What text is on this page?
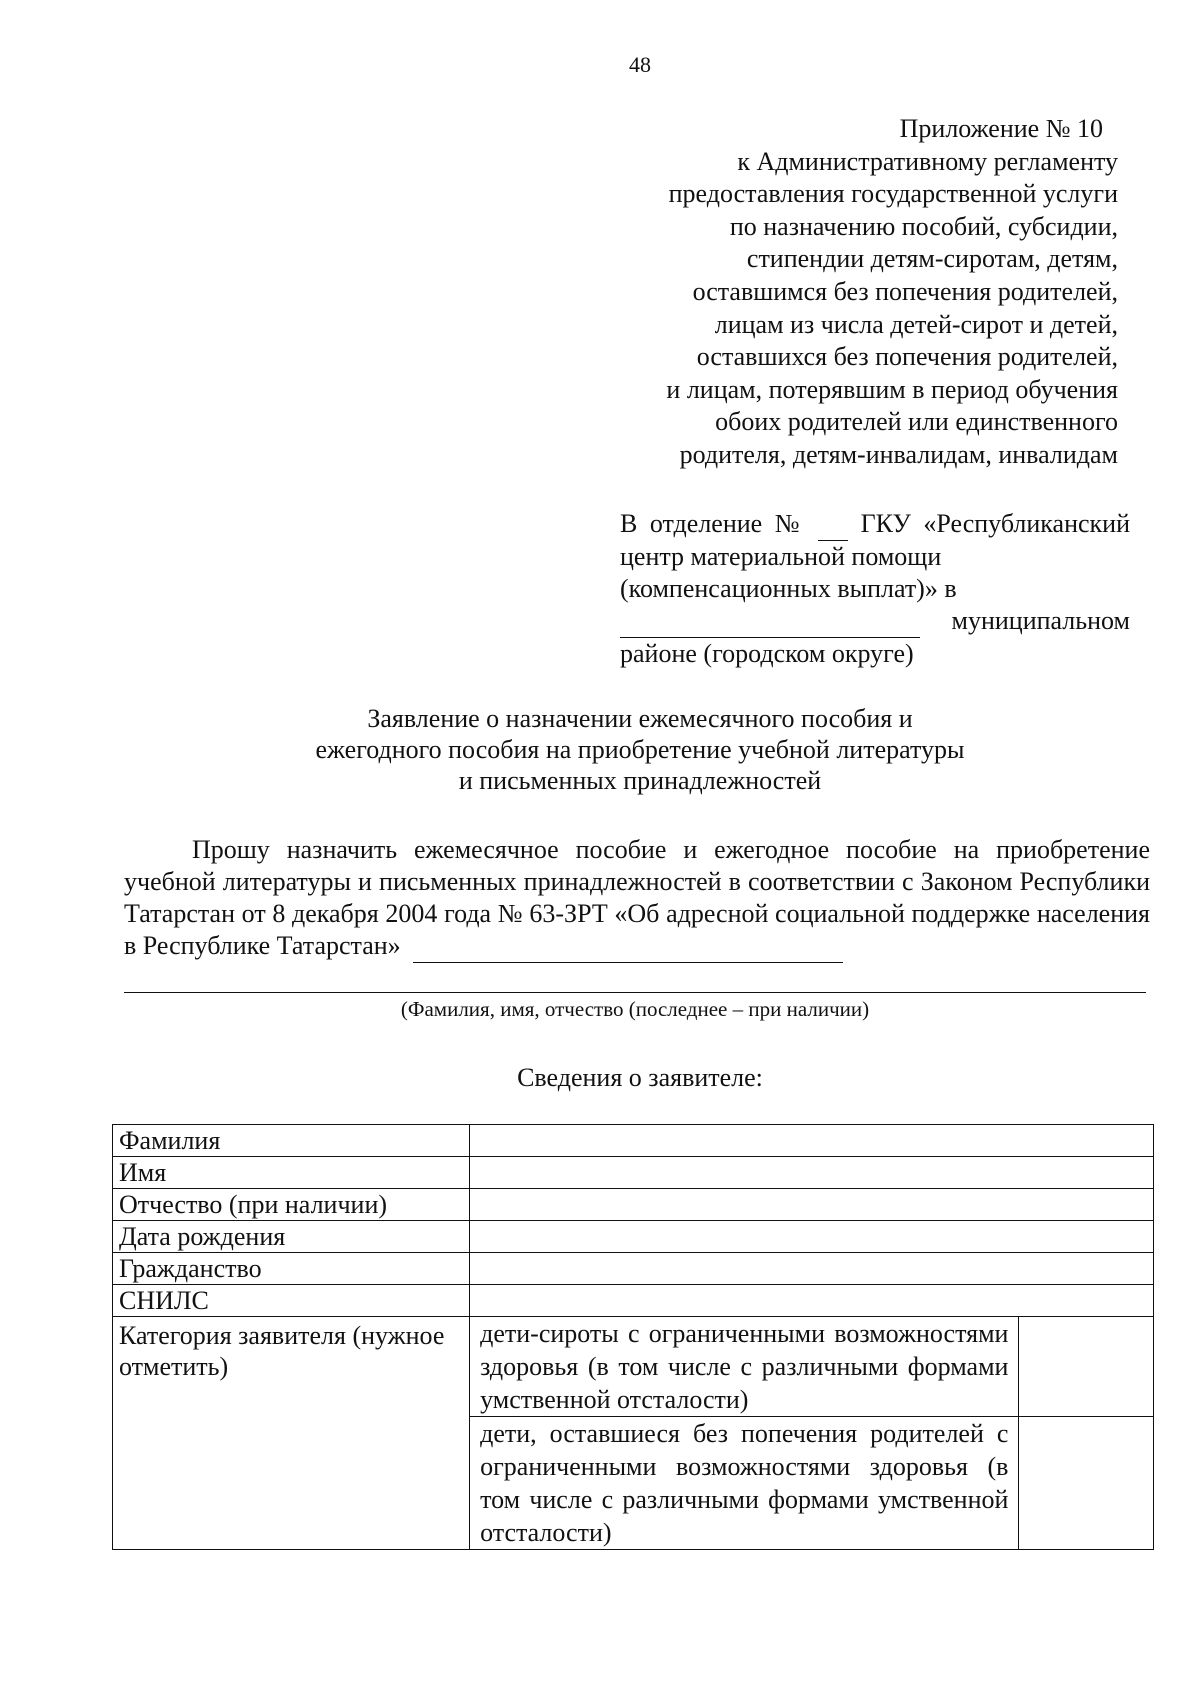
48
Приложение № 10
к Административному регламенту
предоставления государственной услуги
по назначению пособий, субсидии,
стипендии детям-сиротам, детям,
оставшимся без попечения родителей,
лицам из числа детей-сирот и детей,
оставшихся без попечения родителей,
и лицам, потерявшим в период обучения
обоих родителей или единственного
родителя, детям-инвалидам, инвалидам
В отделение № ГКУ «Республиканский
центр материальной помощи
(компенсационных выплат)» в
муниципальном
районе (городском округе)
Заявление о назначении ежемесячного пособия и
ежегодного пособия на приобретение учебной литературы
и письменных принадлежностей
Прошу назначить ежемесячное пособие и ежегодное пособие на приобретение учебной литературы и письменных принадлежностей в соответствии с Законом Республики Татарстан от 8 декабря 2004 года № 63-ЗРТ «Об адресной социальной поддержке населения в Республике Татарстан»
(Фамилия, имя, отчество (последнее – при наличии)
Сведения о заявителе:
Фамилия		
Имя		
Отчество (при наличии)		
Дата рождения		
Гражданство		
СНИЛС		

Категория заявителя (нужное отметить)	дети-сироты с ограниченными возможностями здоровья (в том числе с различными формами умственной отсталости)	
	дети, оставшиеся без попечения родителей с ограниченными возможностями здоровья (в том числе с различными формами умственной отсталости)	
